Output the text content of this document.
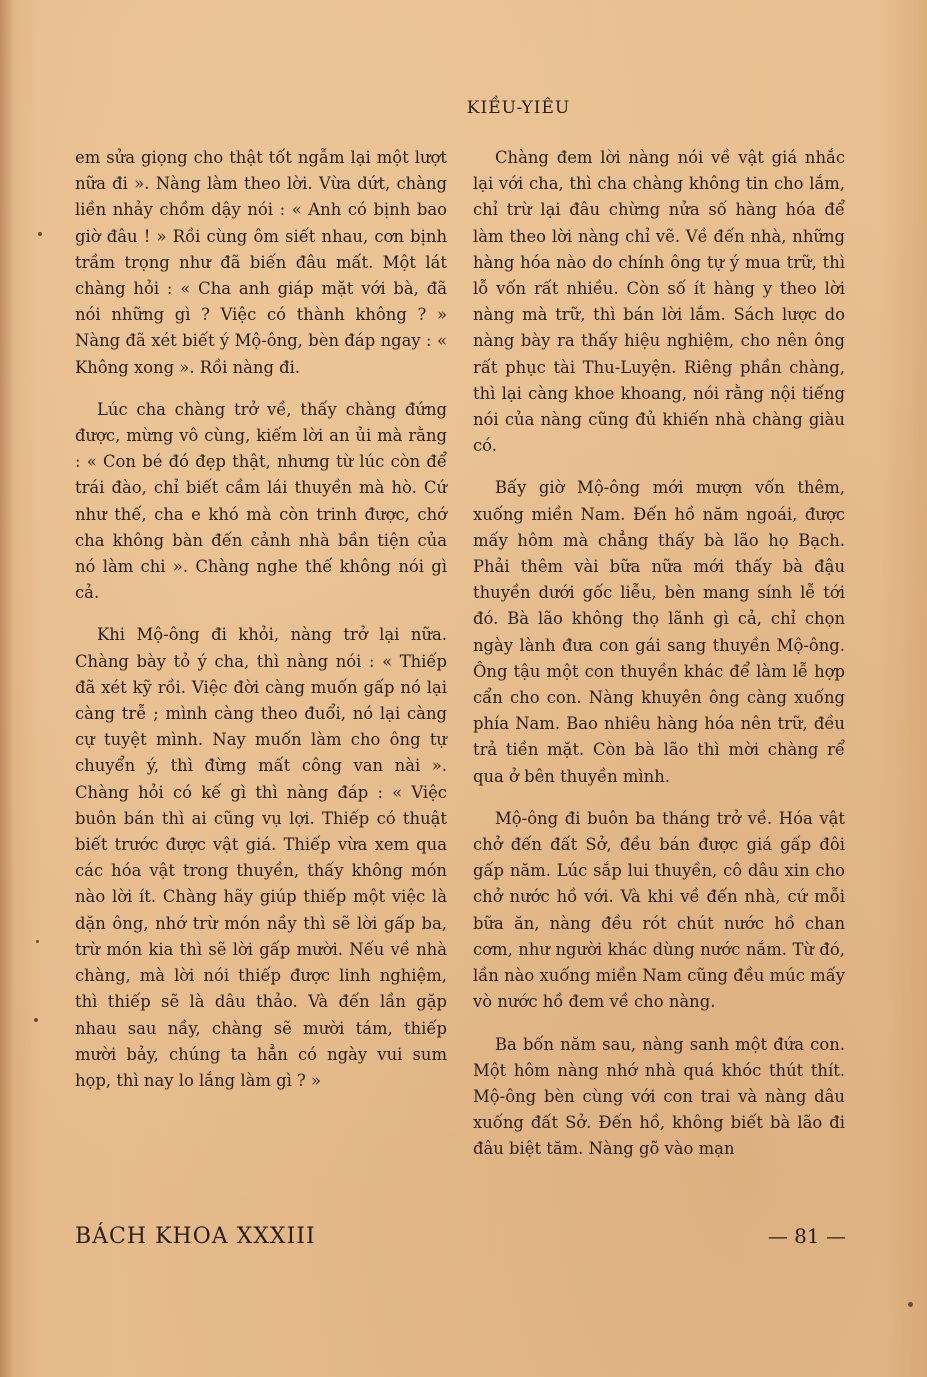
KIỀU-YIÊU

em sửa giọng cho thật tốt ngẫm lại một lượt nữa đi ». Nàng làm theo lời. Vừa dứt, chàng liền nhảy chồm dậy nói : « Anh có bịnh bao giờ đâu ! » Rồi cùng ôm siết nhau, cơn bịnh trầm trọng như đã biến đâu mất. Một lát chàng hỏi : « Cha anh giáp mặt với bà, đã nói những gì ? Việc có thành không ? » Nàng đã xét biết ý Mộ-ông, bèn đáp ngay : « Không xong ». Rồi nàng đi.

Lúc cha chàng trở về, thấy chàng đứng được, mừng vô cùng, kiếm lời an ủi mà rằng : « Con bé đó đẹp thật, nhưng từ lúc còn để trái đào, chỉ biết cầm lái thuyền mà hò. Cứ như thế, cha e khó mà còn trinh được, chớ cha không bàn đến cảnh nhà bần tiện của nó làm chi ». Chàng nghe thế không nói gì cả.

Khi Mộ-ông đi khỏi, nàng trở lại nữa. Chàng bày tỏ ý cha, thì nàng nói : « Thiếp đã xét kỹ rồi. Việc đời càng muốn gấp nó lại càng trễ ; mình càng theo đuổi, nó lại càng cự tuyệt mình. Nay muốn làm cho ông tự chuyển ý, thì đừng mất công van nài ». Chàng hỏi có kế gì thì nàng đáp : « Việc buôn bán thì ai cũng vụ lợi. Thiếp có thuật biết trước được vật giá. Thiếp vừa xem qua các hóa vật trong thuyền, thấy không món nào lời ít. Chàng hãy giúp thiếp một việc là dặn ông, nhớ trừ món nầy thì sẽ lời gấp ba, trừ món kia thì sẽ lời gấp mười. Nếu về nhà chàng, mà lời nói thiếp được linh nghiệm, thì thiếp sẽ là dâu thảo. Và đến lần gặp nhau sau nầy, chàng sẽ mười tám, thiếp mười bảy, chúng ta hẳn có ngày vui sum họp, thì nay lo lắng làm gì ? »

Chàng đem lời nàng nói về vật giá nhắc lại với cha, thì cha chàng không tin cho lắm, chỉ trừ lại đâu chừng nửa số hàng hóa để làm theo lời nàng chỉ vẽ. Về đến nhà, những hàng hóa nào do chính ông tự ý mua trữ, thì lỗ vốn rất nhiều. Còn số ít hàng y theo lời nàng mà trữ, thì bán lời lắm. Sách lược do nàng bày ra thấy hiệu nghiệm, cho nên ông rất phục tài Thu-Luyện. Riêng phần chàng, thì lại càng khoe khoang, nói rằng nội tiếng nói của nàng cũng đủ khiến nhà chàng giàu có.

Bấy giờ Mộ-ông mới mượn vốn thêm, xuống miền Nam. Đến hồ năm ngoái, được mấy hôm mà chẳng thấy bà lão họ Bạch. Phải thêm vài bữa nữa mới thấy bà đậu thuyền dưới gốc liễu, bèn mang sính lễ tới đó. Bà lão không thọ lãnh gì cả, chỉ chọn ngày lành đưa con gái sang thuyền Mộ-ông. Ông tậu một con thuyền khác để làm lễ hợp cẩn cho con. Nàng khuyên ông càng xuống phía Nam. Bao nhiêu hàng hóa nên trữ, đều trả tiền mặt. Còn bà lão thì mời chàng rể qua ở bên thuyền mình.

Mộ-ông đi buôn ba tháng trở về. Hóa vật chở đến đất Sở, đều bán được giá gấp đôi gấp năm. Lúc sắp lui thuyền, cô dâu xin cho chở nước hồ với. Và khi về đến nhà, cứ mỗi bữa ăn, nàng đều rót chút nước hồ chan cơm, như người khác dùng nước nắm. Từ đó, lần nào xuống miền Nam cũng đều múc mấy vò nước hồ đem về cho nàng.

Ba bốn năm sau, nàng sanh một đứa con. Một hôm nàng nhớ nhà quá khóc thút thít. Mộ-ông bèn cùng với con trai và nàng dâu xuống đất Sở. Đến hồ, không biết bà lão đi đâu biệt tăm. Nàng gõ vào mạn

BÁCH KHOA XXXIII	— 81 —
